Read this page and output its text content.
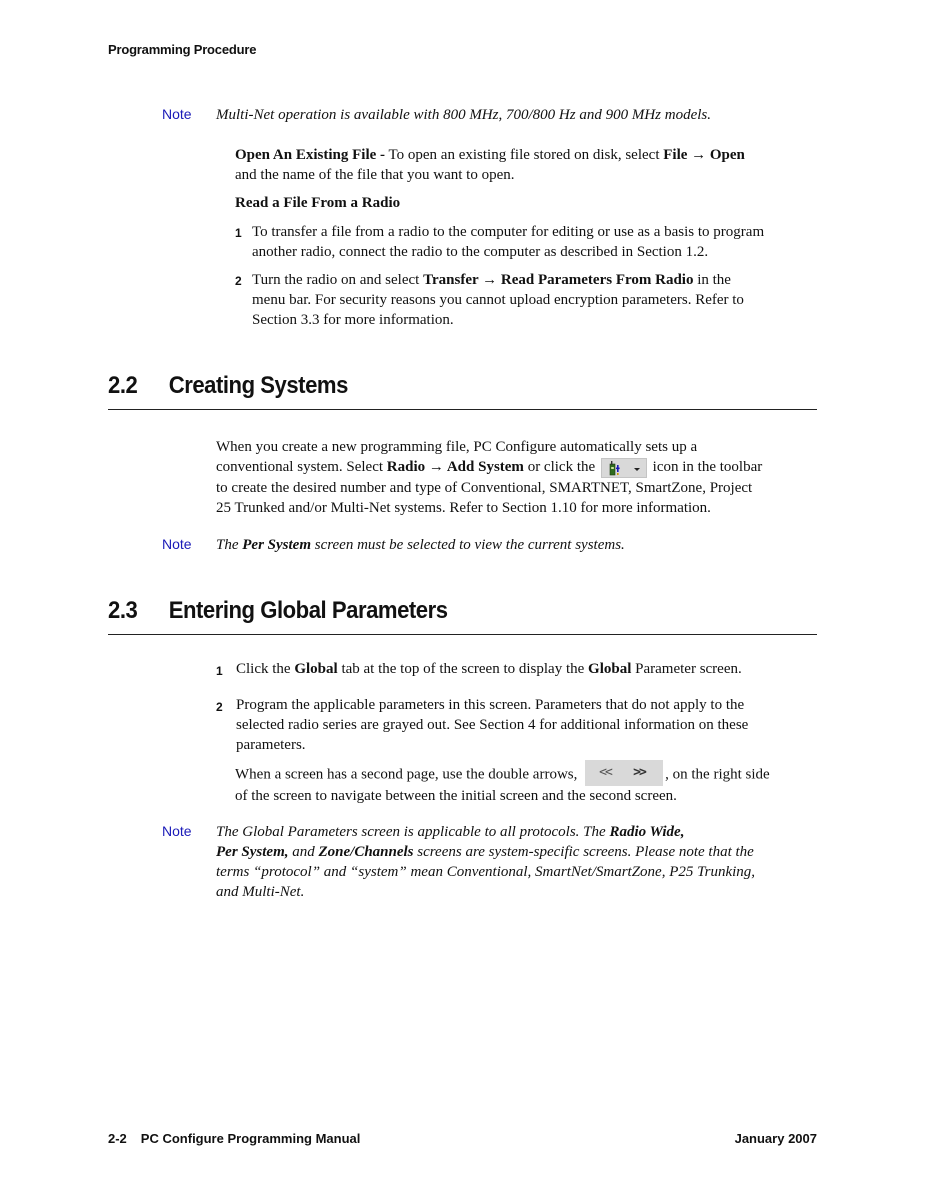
Programming Procedure
Note Multi-Net operation is available with 800 MHz, 700/800 Hz and 900 MHz models.
Open An Existing File - To open an existing file stored on disk, select File → Open
and the name of the file that you want to open.
Read a File From a Radio
1 To transfer a file from a radio to the computer for editing or use as a basis to program
another radio, connect the radio to the computer as described in Section 1.2.
2 Turn the radio on and select Transfer → Read Parameters From Radio in the
menu bar. For security reasons you cannot upload encryption parameters. Refer to
Section 3.3 for more information.
2.2 Creating Systems
When you create a new programming file, PC Configure automatically sets up a
conventional system. Select Radio → Add System or click the	icon in the toolbar
to create the desired number and type of Conventional, SMARTNET, SmartZone, Project
25 Trunked and/or Multi-Net systems. Refer to Section 1.10 for more information.
Note The Per System screen must be selected to view the current systems.
2.3 Entering Global Parameters
1 Click the Global tab at the top of the screen to display the Global Parameter screen.
2 Program the applicable parameters in this screen. Parameters that do not apply to the
selected radio series are grayed out. See Section 4 for additional information on these
parameters.
When a screen has a second page, use the double arrows, << >> , on the right side
of the screen to navigate between the initial screen and the second screen.
Note The Global Parameters screen is applicable to all protocols. The Radio Wide,
Per System, and Zone/Channels screens are system-specific screens. Please note that the
terms “protocol” and “system” mean Conventional, SmartNet/SmartZone, P25 Trunking,
and Multi-Net.
2-2 PC Configure Programming Manual	January 2007
